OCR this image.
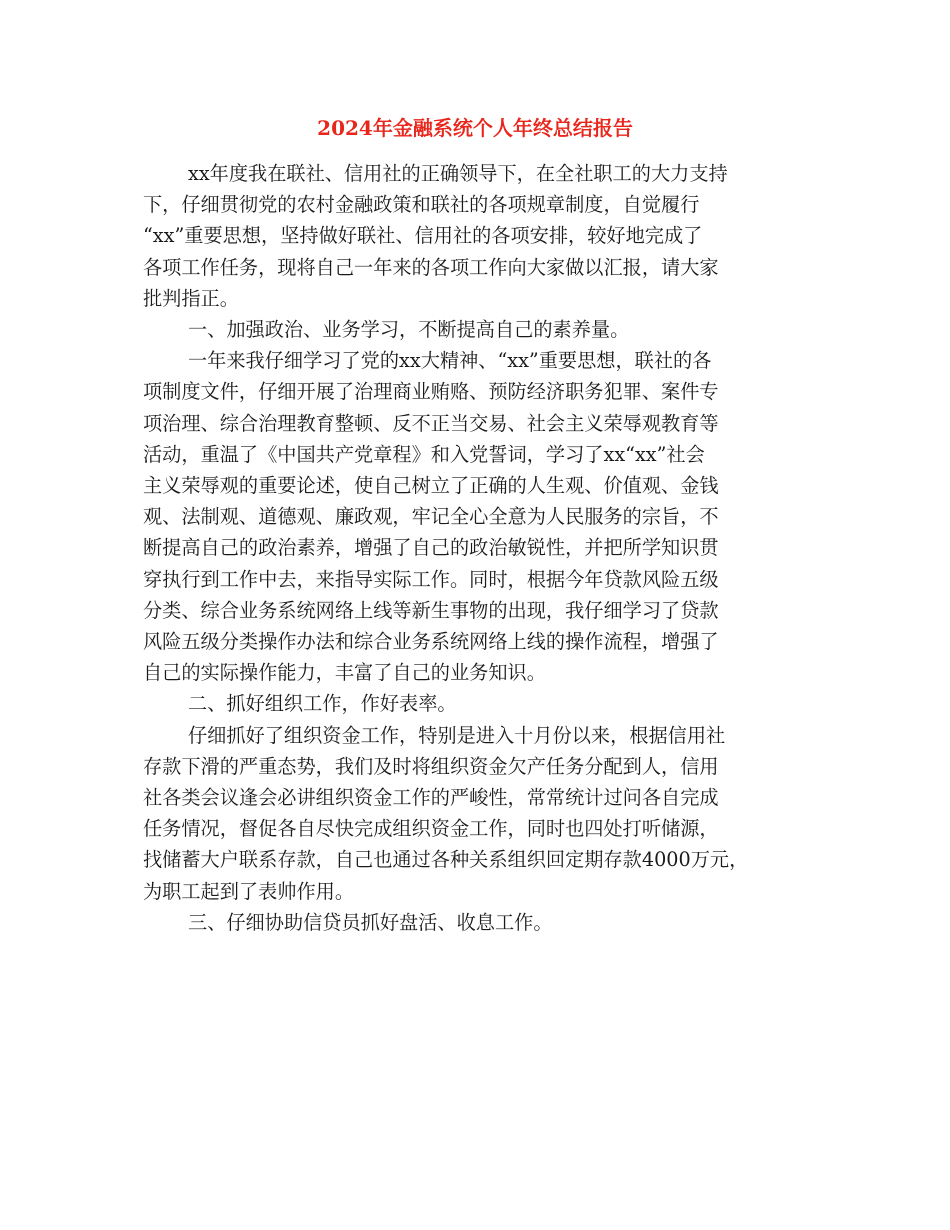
2024年金融系统个人年终总结报告

xx年度我在联社、信用社的正确领导下，在全社职工的大力支持
下，仔细贯彻党的农村金融政策和联社的各项规章制度，自觉履行
“xx”重要思想，坚持做好联社、信用社的各项安排，较好地完成了
各项工作任务，现将自己一年来的各项工作向大家做以汇报，请大家
批判指正。

一、加强政治、业务学习，不断提高自己的素养量。

一年来我仔细学习了党的xx大精神、“xx”重要思想，联社的各
项制度文件，仔细开展了治理商业贿赂、预防经济职务犯罪、案件专
项治理、综合治理教育整顿、反不正当交易、社会主义荣辱观教育等
活动，重温了《中国共产党章程》和入党誓词，学习了xx“xx”社会
主义荣辱观的重要论述，使自己树立了正确的人生观、价值观、金钱
观、法制观、道德观、廉政观，牢记全心全意为人民服务的宗旨，不
断提高自己的政治素养，增强了自己的政治敏锐性，并把所学知识贯
穿执行到工作中去，来指导实际工作。同时，根据今年贷款风险五级
分类、综合业务系统网络上线等新生事物的出现，我仔细学习了贷款
风险五级分类操作办法和综合业务系统网络上线的操作流程，增强了
自己的实际操作能力，丰富了自己的业务知识。

二、抓好组织工作，作好表率。

仔细抓好了组织资金工作，特别是进入十月份以来，根据信用社
存款下滑的严重态势，我们及时将组织资金欠产任务分配到人，信用
社各类会议逢会必讲组织资金工作的严峻性，常常统计过问各自完成
任务情况，督促各自尽快完成组织资金工作，同时也四处打听储源，
找储蓄大户联系存款，自己也通过各种关系组织回定期存款4000万元，
为职工起到了表帅作用。

三、仔细协助信贷员抓好盘活、收息工作。
